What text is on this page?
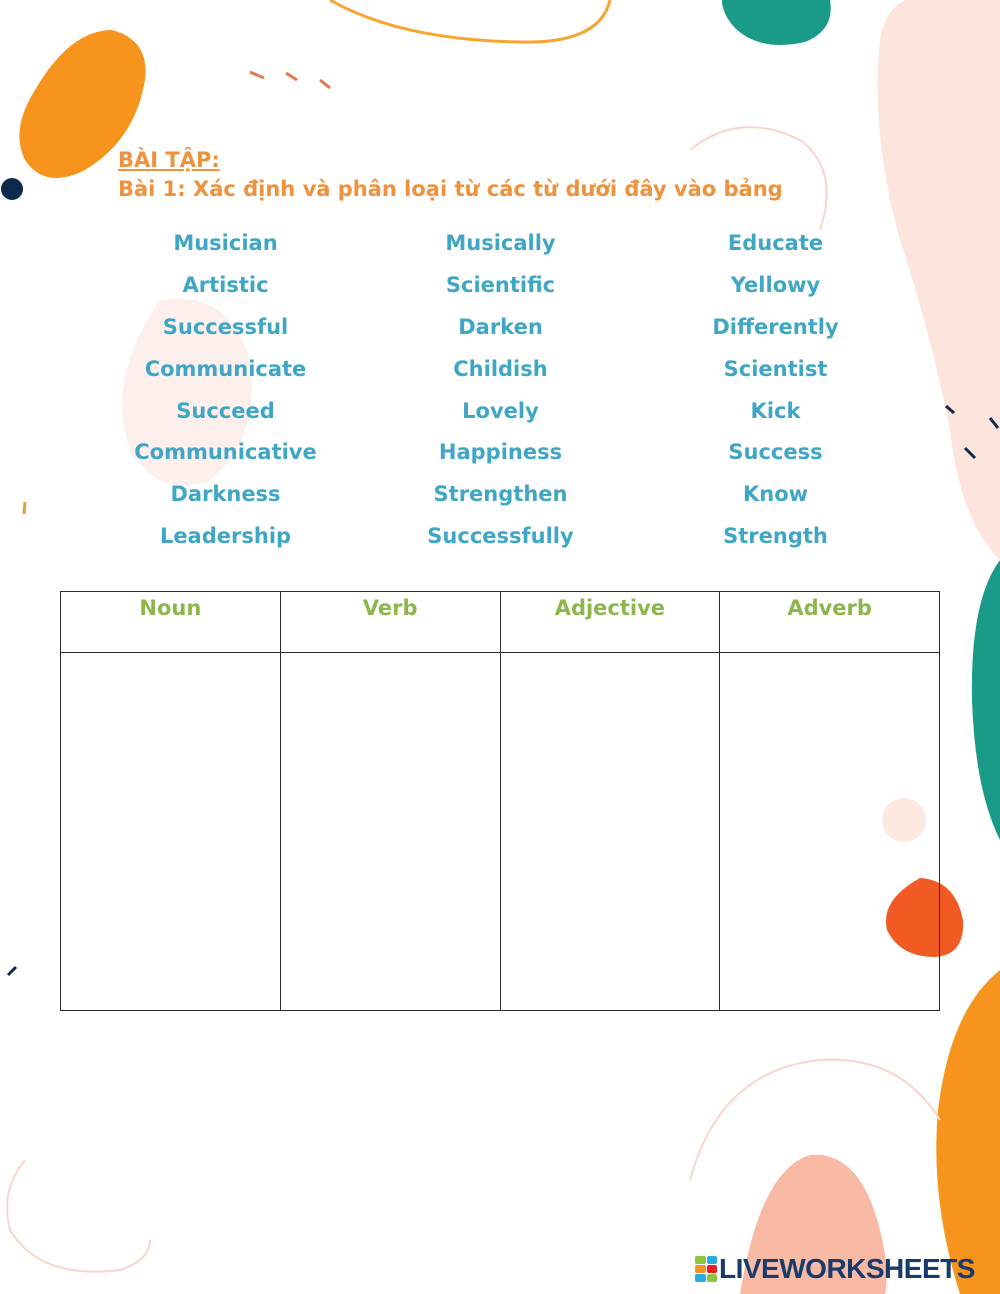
BÀI TẬP:
Bài 1: Xác định và phân loại từ các từ dưới đây vào bảng
Musician	Musically	Educate
Artistic	Scientific	Yellowy
Successful	Darken	Differently
Communicate	Childish	Scientist
Succeed	Lovely	Kick
Communicative	Happiness	Success
Darkness	Strengthen	Know
Leadership	Successfully	Strength
Noun	Verb	Adjective	Adverb

LIVEWORKSHEETS
